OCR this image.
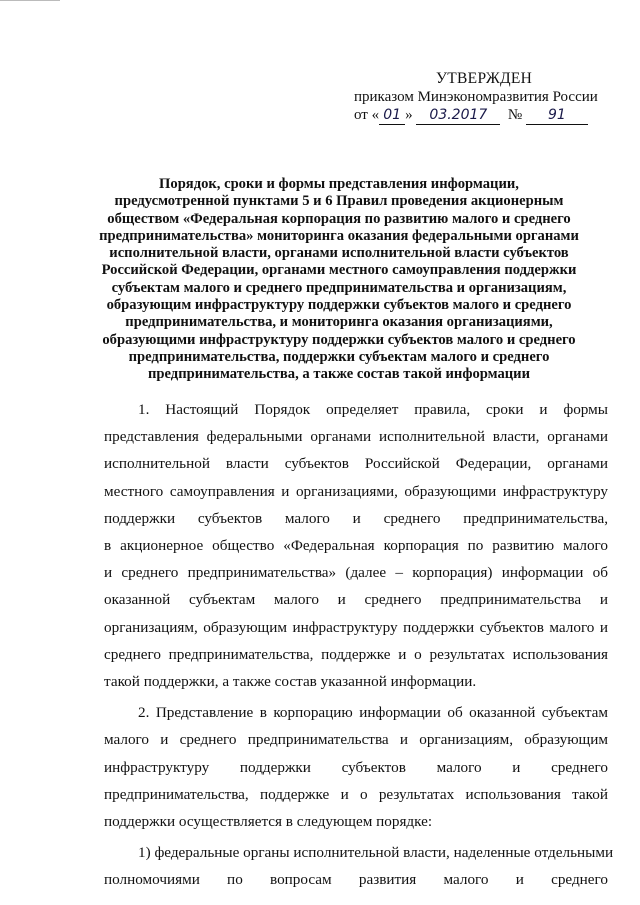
УТВЕРЖДЕН
приказом Минэкономразвития России
от « 01 » 03.2017 № 91
Порядок, сроки и формы представления информации,
предусмотренной пунктами 5 и 6 Правил проведения акционерным
обществом «Федеральная корпорация по развитию малого и среднего
предпринимательства» мониторинга оказания федеральными органами
исполнительной власти, органами исполнительной власти субъектов
Российской Федерации, органами местного самоуправления поддержки
субъектам малого и среднего предпринимательства и организациям,
образующим инфраструктуру поддержки субъектов малого и среднего
предпринимательства, и мониторинга оказания организациями,
образующими инфраструктуру поддержки субъектов малого и среднего
предпринимательства, поддержки субъектам малого и среднего
предпринимательства, а также состав такой информации
1. Настоящий Порядок определяет правила, сроки и формы
представления федеральными органами исполнительной власти, органами
исполнительной власти субъектов Российской Федерации, органами
местного самоуправления и организациями, образующими инфраструктуру
поддержки субъектов малого и среднего предпринимательства,
в акционерное общество «Федеральная корпорация по развитию малого
и среднего предпринимательства» (далее – корпорация) информации об
оказанной субъектам малого и среднего предпринимательства и
организациям, образующим инфраструктуру поддержки субъектов малого и
среднего предпринимательства, поддержке и о результатах использования
такой поддержки, а также состав указанной информации.
2. Представление в корпорацию информации об оказанной субъектам
малого и среднего предпринимательства и организациям, образующим
инфраструктуру поддержки субъектов малого и среднего
предпринимательства, поддержке и о результатах использования такой
поддержки осуществляется в следующем порядке:
1) федеральные органы исполнительной власти, наделенные отдельными
полномочиями по вопросам развития малого и среднего
